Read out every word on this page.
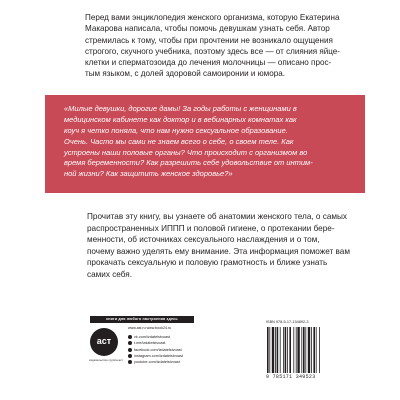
Перед вами энциклопедия женского организма, которую Екатерина
Макарова написала, чтобы помочь девушкам узнать себя. Автор
стремилась к тому, чтобы при прочтении не возникало ощущения
строгого, скучного учебника, поэтому здесь все — от слияния яйце-
клетки и сперматозоида до лечения молочницы — описано прос-
тым языком, с долей здоровой самоиронии и юмора.
«Милые девушки, дорогие дамы! За годы работы с женщинами в
медицинском кабинете как доктор и в вебинарных комнатах как
коуч я четко поняла, что нам нужно сексуальное образование.
Очень. Часто мы сами не знаем всего о себе, о своем теле. Как
устроены наши половые органы? Что происходит с организмом во
время беременности? Как разрешить себе удовольствие от интим-
ной жизни? Как защитить женское здоровье?»
Прочитав эту книгу, вы узнаете об анатомии женского тела, о самых
распространенных ИППП и половой гигиене, о протекании бере-
менности, об источниках сексуального наслаждения и о том,
почему важно уделять ему внимание. Эта информация поможет вам
прокачать сексуальную и половую грамотность и ближе узнать
самих себя.
книги для любого настроения здесь
аст
издательство группа аст
www.ast.ru www.book24.ru
vk.com/izdatelstvoast
t.me/izdatelstvoast
facebook.com/izdatelstvoast
instagram.com/izdatelstvoast
youtube.com/izdatelstvoast
ISBN 978-5-17-134892-3
9 785171 349523
